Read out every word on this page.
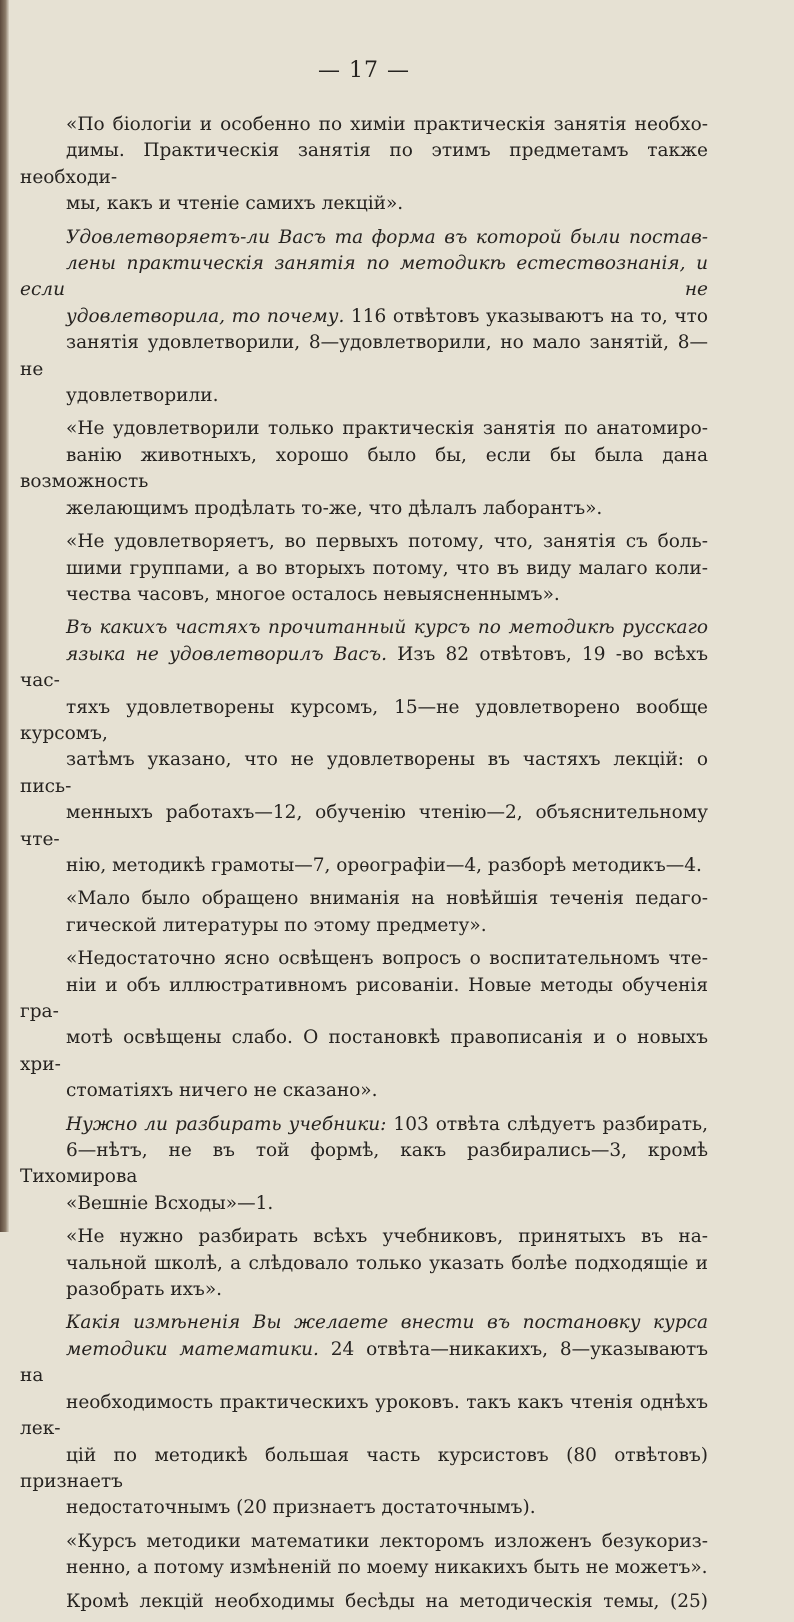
— 17 —

«По біологіи и особенно по химіи практическія занятія необхо-
димы. Практическія занятія по этимъ предметамъ также необходи-
мы, какъ и чтеніе самихъ лекцій».

Удовлетворяетъ-ли Васъ та форма въ которой были постав-
лены практическія занятія по методикѣ естествознанія, и если не
удовлетворила, то почему. 116 отвѣтовъ указываютъ на то, что
занятія удовлетворили, 8—удовлетворили, но мало занятій, 8—не
удовлетворили.

«Не удовлетворили только практическія занятія по анатомиро-
ванію животныхъ, хорошо было бы, если бы была дана возможность
желающимъ продѣлать то-же, что дѣлалъ лаборантъ».

«Не удовлетворяетъ, во первыхъ потому, что, занятія съ боль-
шими группами, а во вторыхъ потому, что въ виду малаго коли-
чества часовъ, многое осталось невыясненнымъ».

Въ какихъ частяхъ прочитанный курсъ по методикѣ русскаго
языка не удовлетворилъ Васъ. Изъ 82 отвѣтовъ, 19 -во всѣхъ час-
тяхъ удовлетворены курсомъ, 15—не удовлетворено вообще курсомъ,
затѣмъ указано, что не удовлетворены въ частяхъ лекцій: о пись-
менныхъ работахъ—12, обученію чтенію—2, объяснительному чте-
нію, методикѣ грамоты—7, орѳографіи—4, разборѣ методикъ—4.

«Мало было обращено вниманія на новѣйшія теченія педаго-
гической литературы по этому предмету».

«Недостаточно ясно освѣщенъ вопросъ о воспитательномъ чте-
ніи и объ иллюстративномъ рисованіи. Новые методы обученія гра-
мотѣ освѣщены слабо. О постановкѣ правописанія и о новыхъ хри-
стоматіяхъ ничего не сказано».

Нужно ли разбирать учебники: 103 отвѣта слѣдуетъ разбирать,
6—нѣтъ, не въ той формѣ, какъ разбирались—3, кромѣ Тихомирова
«Вешніе Всходы»—1.

«Не нужно разбирать всѣхъ учебниковъ, принятыхъ въ на-
чальной школѣ, а слѣдовало только указать болѣе подходящіе и
разобрать ихъ».

Какія измѣненія Вы желаете внести въ постановку курса
методики математики. 24 отвѣта—никакихъ, 8—указываютъ на
необходимость практическихъ уроковъ. такъ какъ чтенія однѣхъ лек-
цій по методикѣ большая часть курсистовъ (80 отвѣтовъ) признаетъ
недостаточнымъ (20 признаетъ достаточнымъ).

«Курсъ методики математики лекторомъ изложенъ безукориз-
ненно, а потому измѣненій по моему никакихъ быть не можетъ».

Кромѣ лекцій необходимы бесѣды на методическія темы, (25)
